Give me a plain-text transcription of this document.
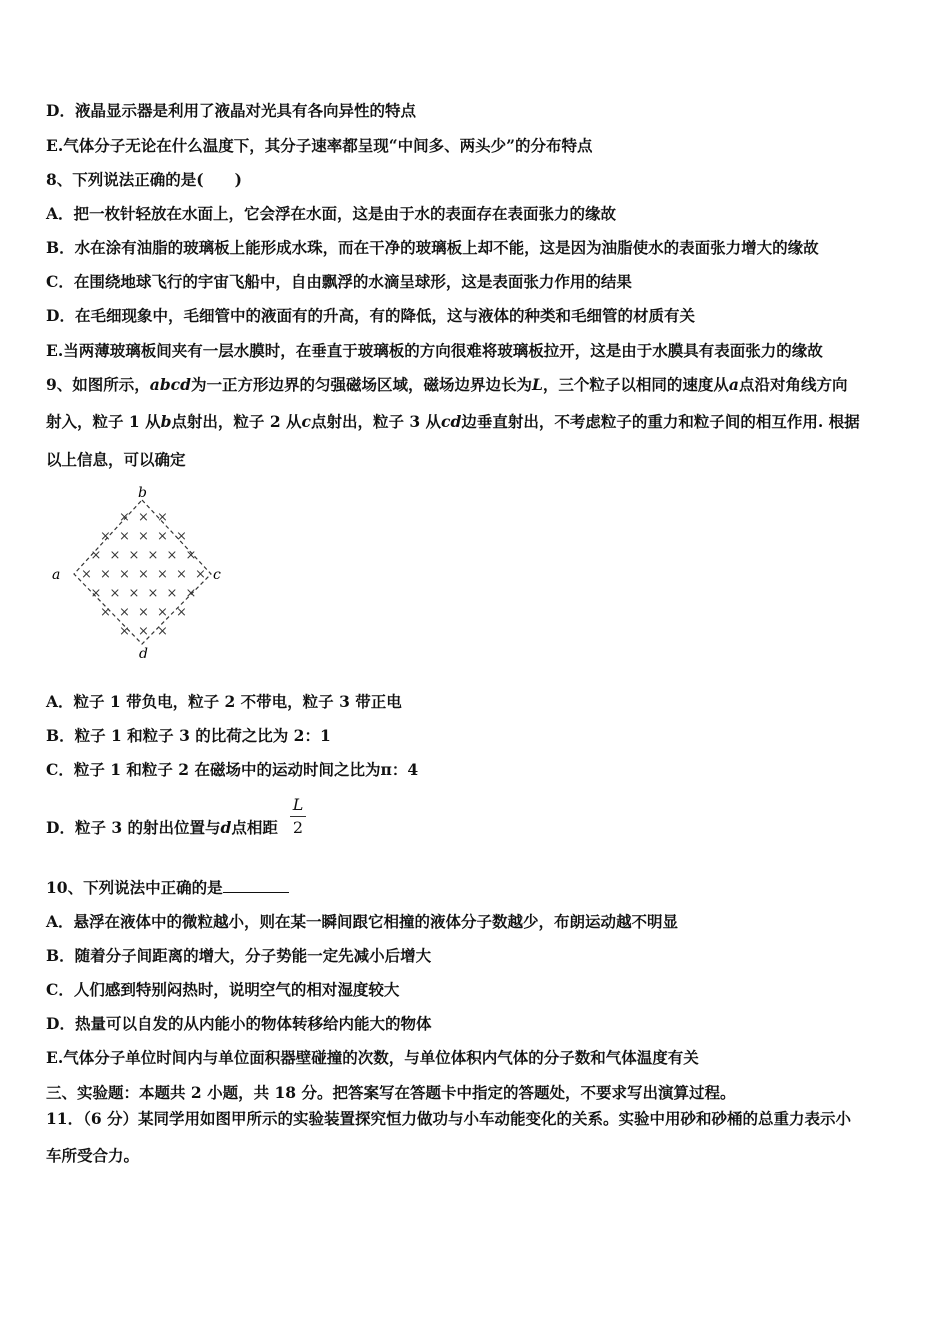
D．液晶显示器是利用了液晶对光具有各向异性的特点
E.气体分子无论在什么温度下，其分子速率都呈现“中间多、两头少”的分布特点
8、下列说法正确的是(　　)
A．把一枚针轻放在水面上，它会浮在水面，这是由于水的表面存在表面张力的缘故
B．水在涂有油脂的玻璃板上能形成水珠，而在干净的玻璃板上却不能，这是因为油脂使水的表面张力增大的缘故
C．在围绕地球飞行的宇宙飞船中，自由飘浮的水滴呈球形，这是表面张力作用的结果
D．在毛细现象中，毛细管中的液面有的升高，有的降低，这与液体的种类和毛细管的材质有关
E.当两薄玻璃板间夹有一层水膜时，在垂直于玻璃板的方向很难将玻璃板拉开，这是由于水膜具有表面张力的缘故
9、如图所示，abcd为一正方形边界的匀强磁场区域，磁场边界边长为L，三个粒子以相同的速度从a点沿对角线方向
射入，粒子 1 从b点射出，粒子 2 从c点射出，粒子 3 从cd边垂直射出，不考虑粒子的重力和粒子间的相互作用. 根据
以上信息，可以确定
× × ×
× × × × ×
× × × × × ×
× × × × × × ×
× × × × × ×
× × × × ×
× × ×
a
b
c
d
A．粒子 1 带负电，粒子 2 不带电，粒子 3 带正电
B．粒子 1 和粒子 3 的比荷之比为 2：1
C．粒子 1 和粒子 2 在磁场中的运动时间之比为π：4
D．粒子 3 的射出位置与d点相距
L
2
10、下列说法中正确的是
A．悬浮在液体中的微粒越小，则在某一瞬间跟它相撞的液体分子数越少，布朗运动越不明显
B．随着分子间距离的增大，分子势能一定先减小后增大
C．人们感到特别闷热时，说明空气的相对湿度较大
D．热量可以自发的从内能小的物体转移给内能大的物体
E.气体分子单位时间内与单位面积器壁碰撞的次数，与单位体积内气体的分子数和气体温度有关
三、实验题：本题共 2 小题，共 18 分。把答案写在答题卡中指定的答题处，不要求写出演算过程。
11．（6 分）某同学用如图甲所示的实验装置探究恒力做功与小车动能变化的关系。实验中用砂和砂桶的总重力表示小
车所受合力。
